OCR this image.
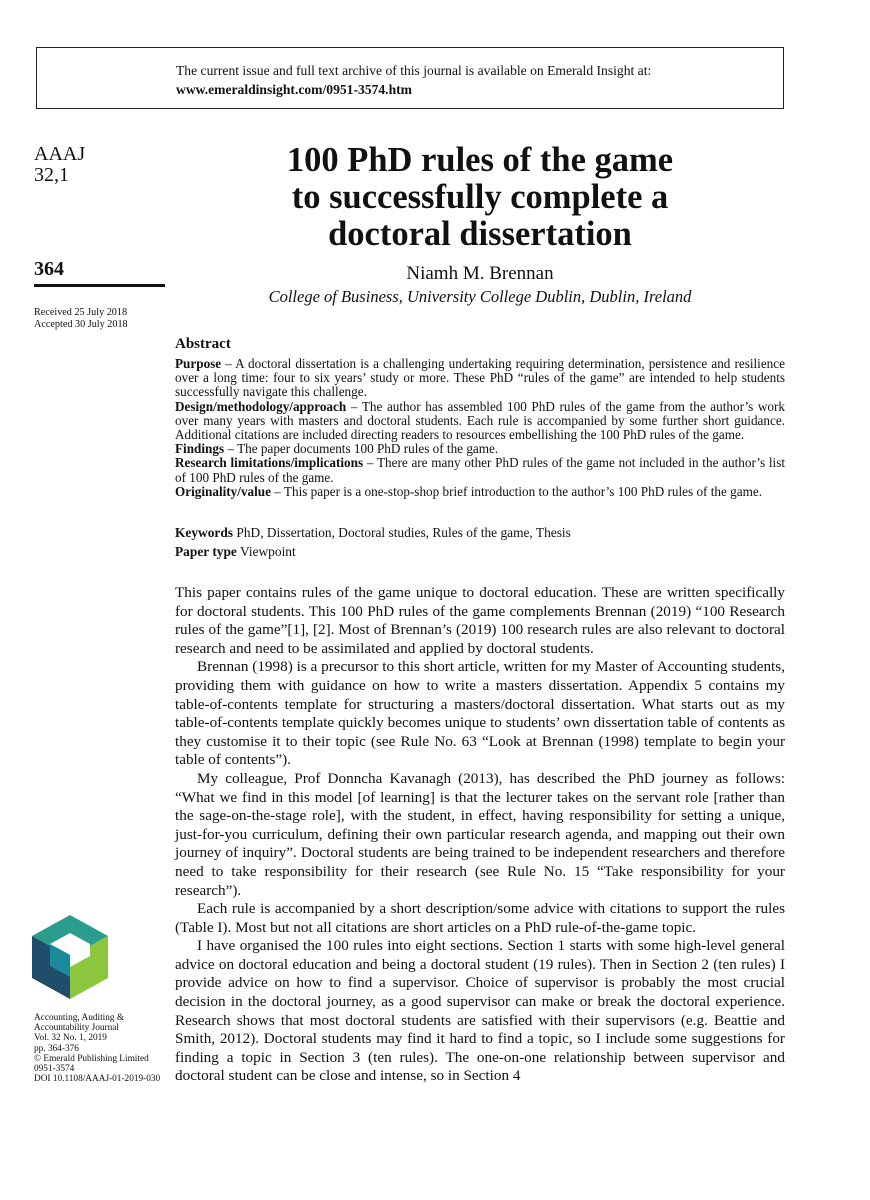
The current issue and full text archive of this journal is available on Emerald Insight at:
www.emeraldinsight.com/0951-3574.htm
AAAJ
32,1
364
Received 25 July 2018
Accepted 30 July 2018
Accounting, Auditing &
Accountability Journal
Vol. 32 No. 1, 2019
pp. 364-376
© Emerald Publishing Limited
0951-3574
DOI 10.1108/AAAJ-01-2019-030
100 PhD rules of the game
to successfully complete a
doctoral dissertation
Niamh M. Brennan
College of Business, University College Dublin, Dublin, Ireland
Abstract

Purpose – A doctoral dissertation is a challenging undertaking requiring determination, persistence and resilience over a long time: four to six years’ study or more. These PhD “rules of the game” are intended to help students successfully navigate this challenge.

Design/methodology/approach – The author has assembled 100 PhD rules of the game from the author’s work over many years with masters and doctoral students. Each rule is accompanied by some further short guidance. Additional citations are included directing readers to resources embellishing the 100 PhD rules of the game.

Findings – The paper documents 100 PhD rules of the game.

Research limitations/implications – There are many other PhD rules of the game not included in the author’s list of 100 PhD rules of the game.

Originality/value – This paper is a one-stop-shop brief introduction to the author’s 100 PhD rules of the game.

Keywords PhD, Dissertation, Doctoral studies, Rules of the game, Thesis
Paper type Viewpoint

This paper contains rules of the game unique to doctoral education. These are written specifically for doctoral students. This 100 PhD rules of the game complements Brennan (2019) “100 Research rules of the game”[1], [2]. Most of Brennan’s (2019) 100 research rules are also relevant to doctoral research and need to be assimilated and applied by doctoral students.

Brennan (1998) is a precursor to this short article, written for my Master of Accounting students, providing them with guidance on how to write a masters dissertation. Appendix 5 contains my table-of-contents template for structuring a masters/doctoral dissertation. What starts out as my table-of-contents template quickly becomes unique to students’ own dissertation table of contents as they customise it to their topic (see Rule No. 63 “Look at Brennan (1998) template to begin your table of contents”).

My colleague, Prof Donncha Kavanagh (2013), has described the PhD journey as follows: “What we find in this model [of learning] is that the lecturer takes on the servant role [rather than the sage-on-the-stage role], with the student, in effect, having responsibility for setting a unique, just-for-you curriculum, defining their own particular research agenda, and mapping out their own journey of inquiry”. Doctoral students are being trained to be independent researchers and therefore need to take responsibility for their research (see Rule No. 15 “Take responsibility for your research”).

Each rule is accompanied by a short description/some advice with citations to support the rules (Table I). Most but not all citations are short articles on a PhD rule-of-the-game topic.

I have organised the 100 rules into eight sections. Section 1 starts with some high-level general advice on doctoral education and being a doctoral student (19 rules). Then in Section 2 (ten rules) I provide advice on how to find a supervisor. Choice of supervisor is probably the most crucial decision in the doctoral journey, as a good supervisor can make or break the doctoral experience. Research shows that most doctoral students are satisfied with their supervisors (e.g. Beattie and Smith, 2012). Doctoral students may find it hard to find a topic, so I include some suggestions for finding a topic in Section 3 (ten rules). The one-on-one relationship between supervisor and doctoral student can be close and intense, so in Section 4
